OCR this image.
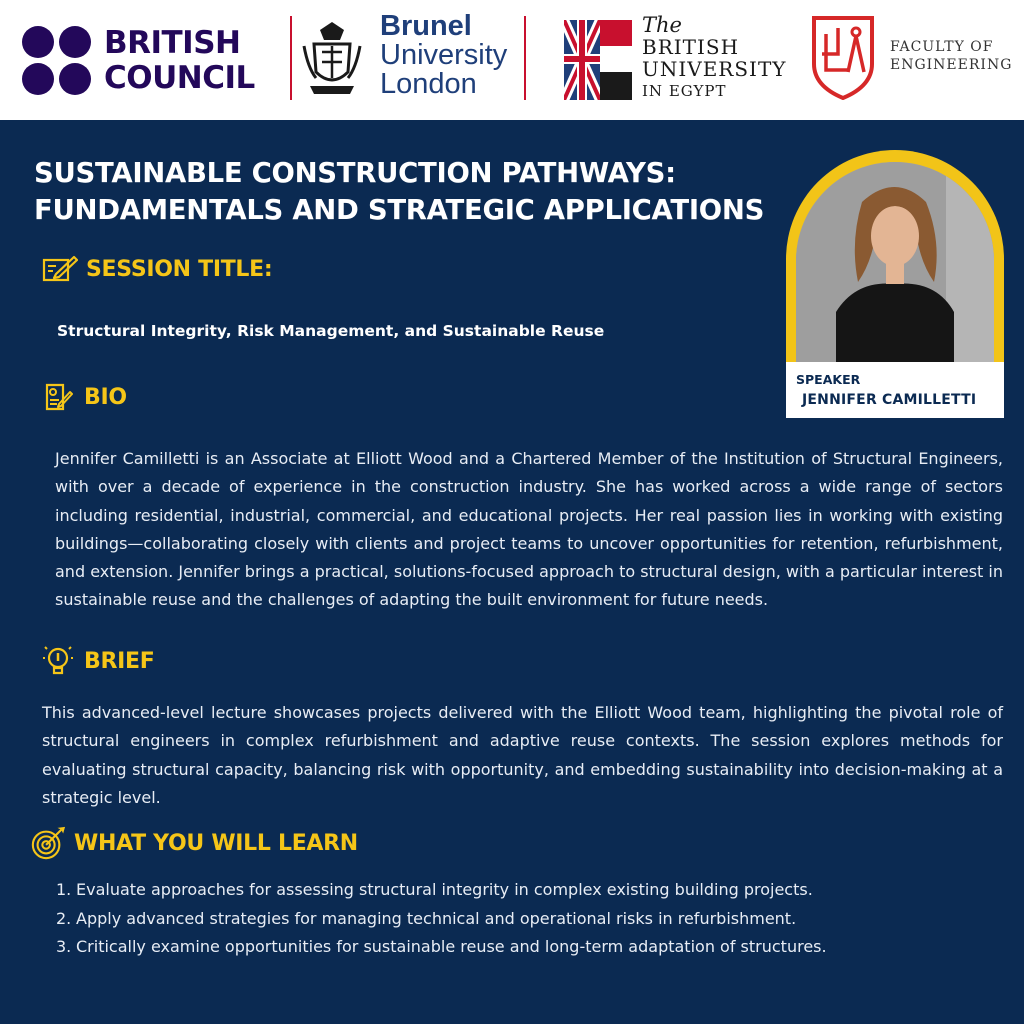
BRITISH
COUNCIL
Brunel
University
London
The
BRITISH
UNIVERSITY
IN EGYPT
FACULTY OF
ENGINEERING
SUSTAINABLE CONSTRUCTION PATHWAYS:
FUNDAMENTALS AND STRATEGIC APPLICATIONS
SESSION TITLE:
Structural Integrity, Risk Management, and Sustainable Reuse
BIO

Jennifer Camilletti is an Associate at Elliott Wood and a Chartered Member of the Institution of Structural Engineers, with over a decade of experience in the construction industry. She has worked across a wide range of sectors including residential, industrial, commercial, and educational projects. Her real passion lies in working with existing buildings—collaborating closely with clients and project teams to uncover opportunities for retention, refurbishment, and extension. Jennifer brings a practical, solutions-focused approach to structural design, with a particular interest in sustainable reuse and the challenges of adapting the built environment for future needs.

BRIEF

This advanced-level lecture showcases projects delivered with the Elliott Wood team, highlighting the pivotal role of structural engineers in complex refurbishment and adaptive reuse contexts. The session explores methods for evaluating structural capacity, balancing risk with opportunity, and embedding sustainability into decision-making at a strategic level.

WHAT YOU WILL LEARN
1. Evaluate approaches for assessing structural integrity in complex existing building projects.
2. Apply advanced strategies for managing technical and operational risks in refurbishment.
3. Critically examine opportunities for sustainable reuse and long-term adaptation of structures.
SPEAKER
JENNIFER CAMILLETTI
